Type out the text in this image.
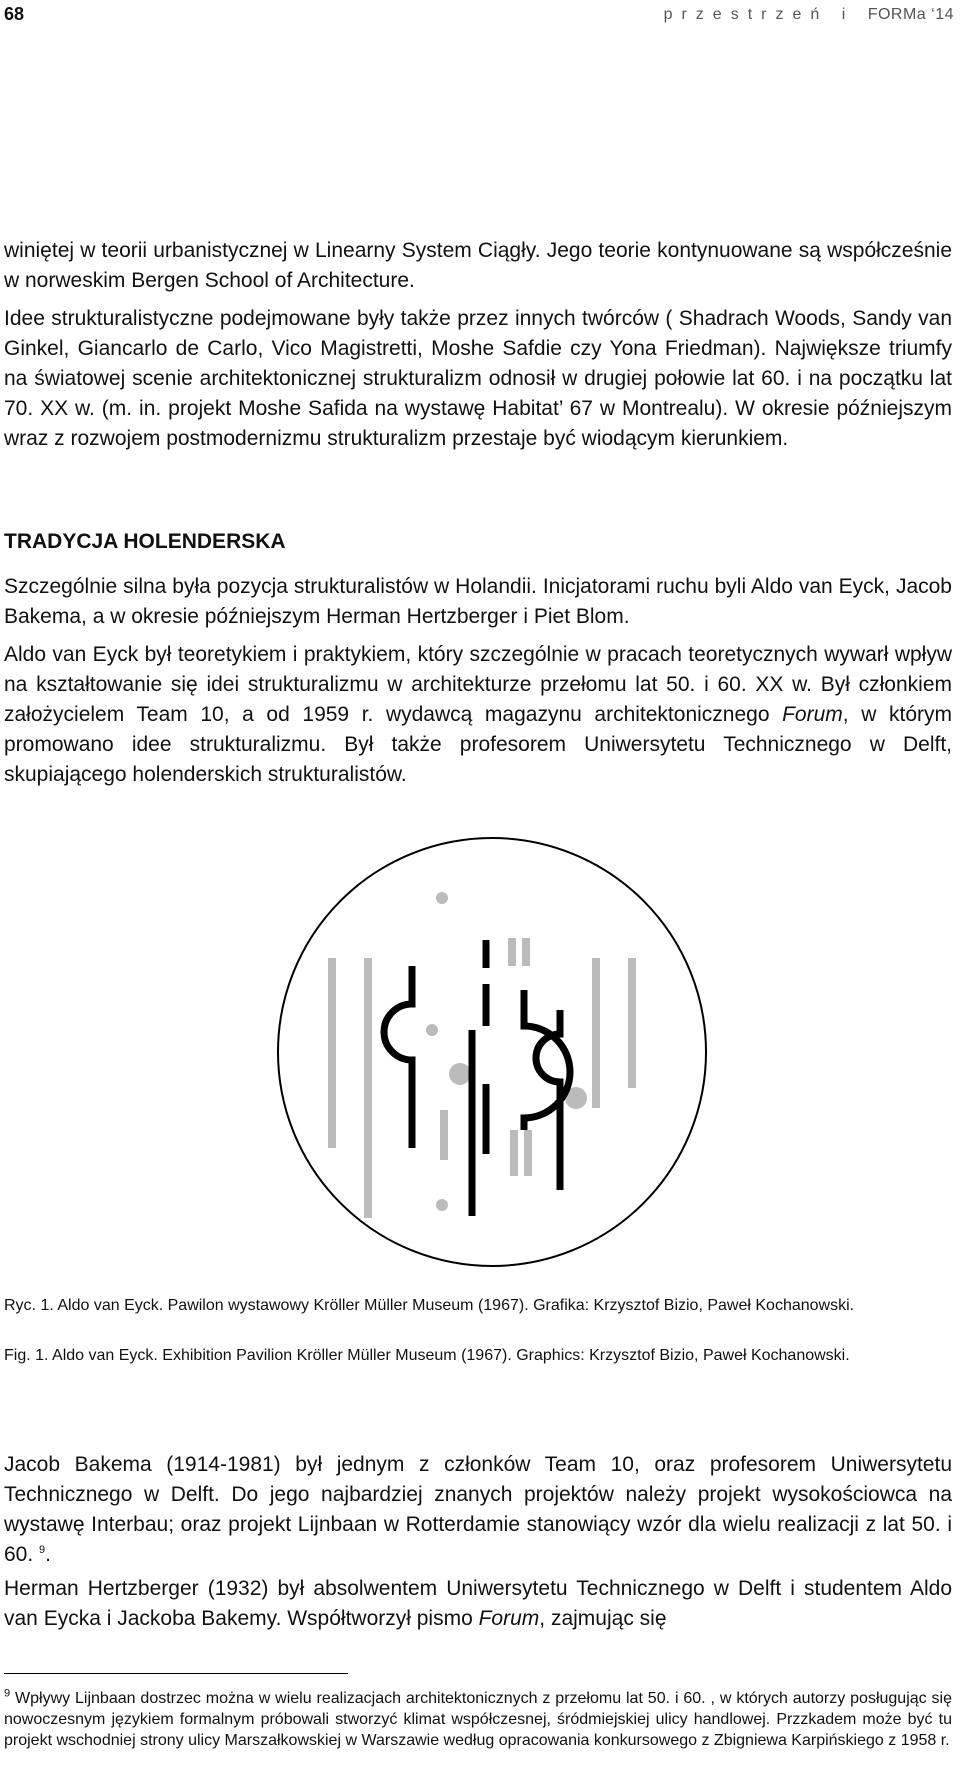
68	przestrzeń i FORMa ‘14

winiętej w teorii urbanistycznej w Linearny System Ciągły. Jego teorie kontynuowane są współcześnie w norweskim Bergen School of Architecture.

Idee strukturalistyczne podejmowane były także przez innych twórców ( Shadrach Woods, Sandy van Ginkel, Giancarlo de Carlo, Vico Magistretti, Moshe Safdie czy Yona Friedman). Największe triumfy na światowej scenie architektonicznej strukturalizm odnosił w drugiej połowie lat 60. i na początku lat 70. XX w. (m. in. projekt Moshe Safida na wystawę Habitat’ 67 w Montrealu). W okresie późniejszym wraz z rozwojem postmodernizmu strukturalizm przestaje być wiodącym kierunkiem.

TRADYCJA HOLENDERSKA

Szczególnie silna była pozycja strukturalistów w Holandii. Inicjatorami ruchu byli Aldo van Eyck, Jacob Bakema, a w okresie późniejszym Herman Hertzberger i Piet Blom.

Aldo van Eyck był teoretykiem i praktykiem, który szczególnie w pracach teoretycznych wywarł wpływ na kształtowanie się idei strukturalizmu w architekturze przełomu lat 50. i 60. XX w. Był członkiem założycielem Team 10, a od 1959 r. wydawcą magazynu architektonicznego Forum, w którym promowano idee strukturalizmu. Był także profesorem Uniwersytetu Technicznego w Delft, skupiającego holenderskich strukturalistów.

Ryc. 1. Aldo van Eyck. Pawilon wystawowy Kröller Müller Museum (1967). Grafika: Krzysztof Bizio, Paweł Kochanowski.

Fig. 1. Aldo van Eyck. Exhibition Pavilion Kröller Müller Museum (1967). Graphics: Krzysztof Bizio, Paweł Kochanowski.

Jacob Bakema (1914-1981) był jednym z członków Team 10, oraz profesorem Uniwersytetu Technicznego w Delft. Do jego najbardziej znanych projektów należy projekt wysokościowca na wystawę Interbau; oraz projekt Lijnbaan w Rotterdamie stanowiący wzór dla wielu realizacji z lat 50. i 60. $^9$.

Herman Hertzberger (1932) był absolwentem Uniwersytetu Technicznego w Delft i studentem Aldo van Eycka i Jackoba Bakemy. Współtworzył pismo Forum, zajmując się

$^9$ Wpływy Lijnbaan dostrzec można w wielu realizacjach architektonicznych z przełomu lat 50. i 60. , w których autorzy posługując się nowoczesnym językiem formalnym próbowali stworzyć klimat współczesnej, śródmiejskiej ulicy handlowej. Przzkadem może być tu projekt wschodniej strony ulicy Marszałkowskiej w Warszawie według opracowania konkursowego z Zbigniewa Karpińskiego z 1958 r.
